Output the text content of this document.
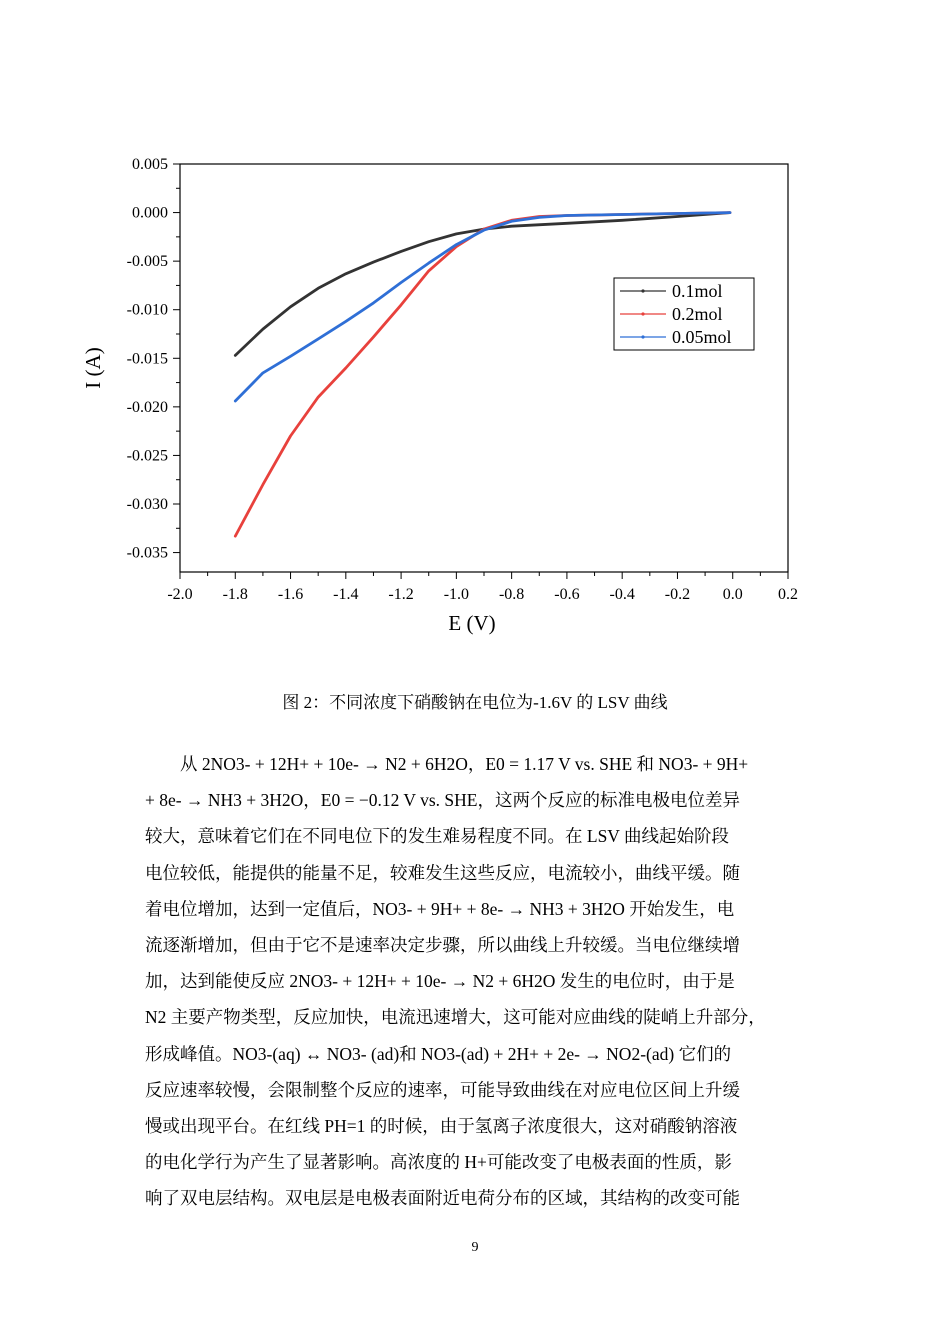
-2.0 -1.8 -1.6 -1.4 -1.2 -1.0 -0.8 -0.6 -0.4 -0.2 0.0 0.2
0.005
0.000
-0.005
-0.010
-0.015
-0.020
-0.025
-0.030
-0.035
E (V)
I (A)
0.1mol
0.2mol
0.05mol
图 2：不同浓度下硝酸钠在电位为-1.6V 的 LSV 曲线
从 2NO3- + 12H+ + 10e- → N2 + 6H2O，E0 = 1.17 V vs. SHE 和 NO3- + 9H+
+ 8e- → NH3 + 3H2O，E0 = −0.12 V vs. SHE，这两个反应的标准电极电位差异
较大，意味着它们在不同电位下的发生难易程度不同。在 LSV 曲线起始阶段
电位较低，能提供的能量不足，较难发生这些反应，电流较小，曲线平缓。随
着电位增加，达到一定值后，NO3- + 9H+ + 8e- → NH3 + 3H2O 开始发生，电
流逐渐增加，但由于它不是速率决定步骤，所以曲线上升较缓。当电位继续增
加，达到能使反应 2NO3- + 12H+ + 10e- → N2 + 6H2O 发生的电位时，由于是
N2 主要产物类型，反应加快，电流迅速增大，这可能对应曲线的陡峭上升部分，
形成峰值。NO3-(aq) ↔ NO3- (ad)和 NO3-(ad) + 2H+ + 2e- → NO2-(ad) 它们的
反应速率较慢，会限制整个反应的速率，可能导致曲线在对应电位区间上升缓
慢或出现平台。在红线 PH=1 的时候，由于氢离子浓度很大，这对硝酸钠溶液
的电化学行为产生了显著影响。高浓度的 H+可能改变了电极表面的性质，影
响了双电层结构。双电层是电极表面附近电荷分布的区域，其结构的改变可能
9
